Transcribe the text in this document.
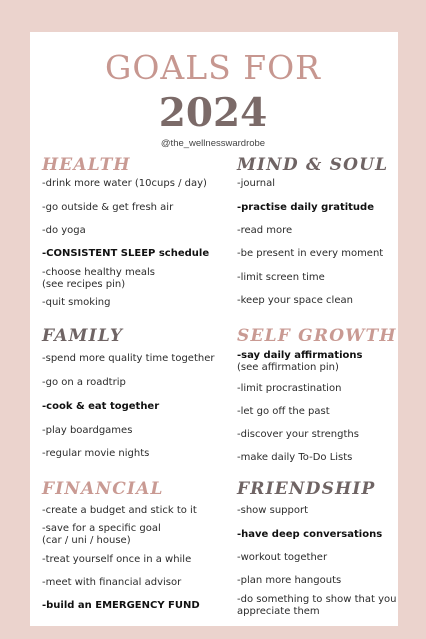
GOALS FOR
2024
@the_wellnesswardrobe
HEALTH
-drink more water (10cups / day)
-go outside & get fresh air
-do yoga
-CONSISTENT SLEEP schedule
-choose healthy meals
(see recipes pin)
-quit smoking
MIND & SOUL
-journal
-practise daily gratitude
-read more
-be present in every moment
-limit screen time
-keep your space clean
FAMILY
-spend more quality time together
-go on a roadtrip
-cook & eat together
-play boardgames
-regular movie nights
SELF GROWTH
-say daily affirmations
(see affirmation pin)
-limit procrastination
-let go off the past
-discover your strengths
-make daily To-Do Lists
FINANCIAL
-create a budget and stick to it
-save for a specific goal
(car / uni / house)
-treat yourself once in a while
-meet with financial advisor
-build an EMERGENCY FUND
FRIENDSHIP
-show support
-have deep conversations
-workout together
-plan more hangouts
-do something to show that you
appreciate them
